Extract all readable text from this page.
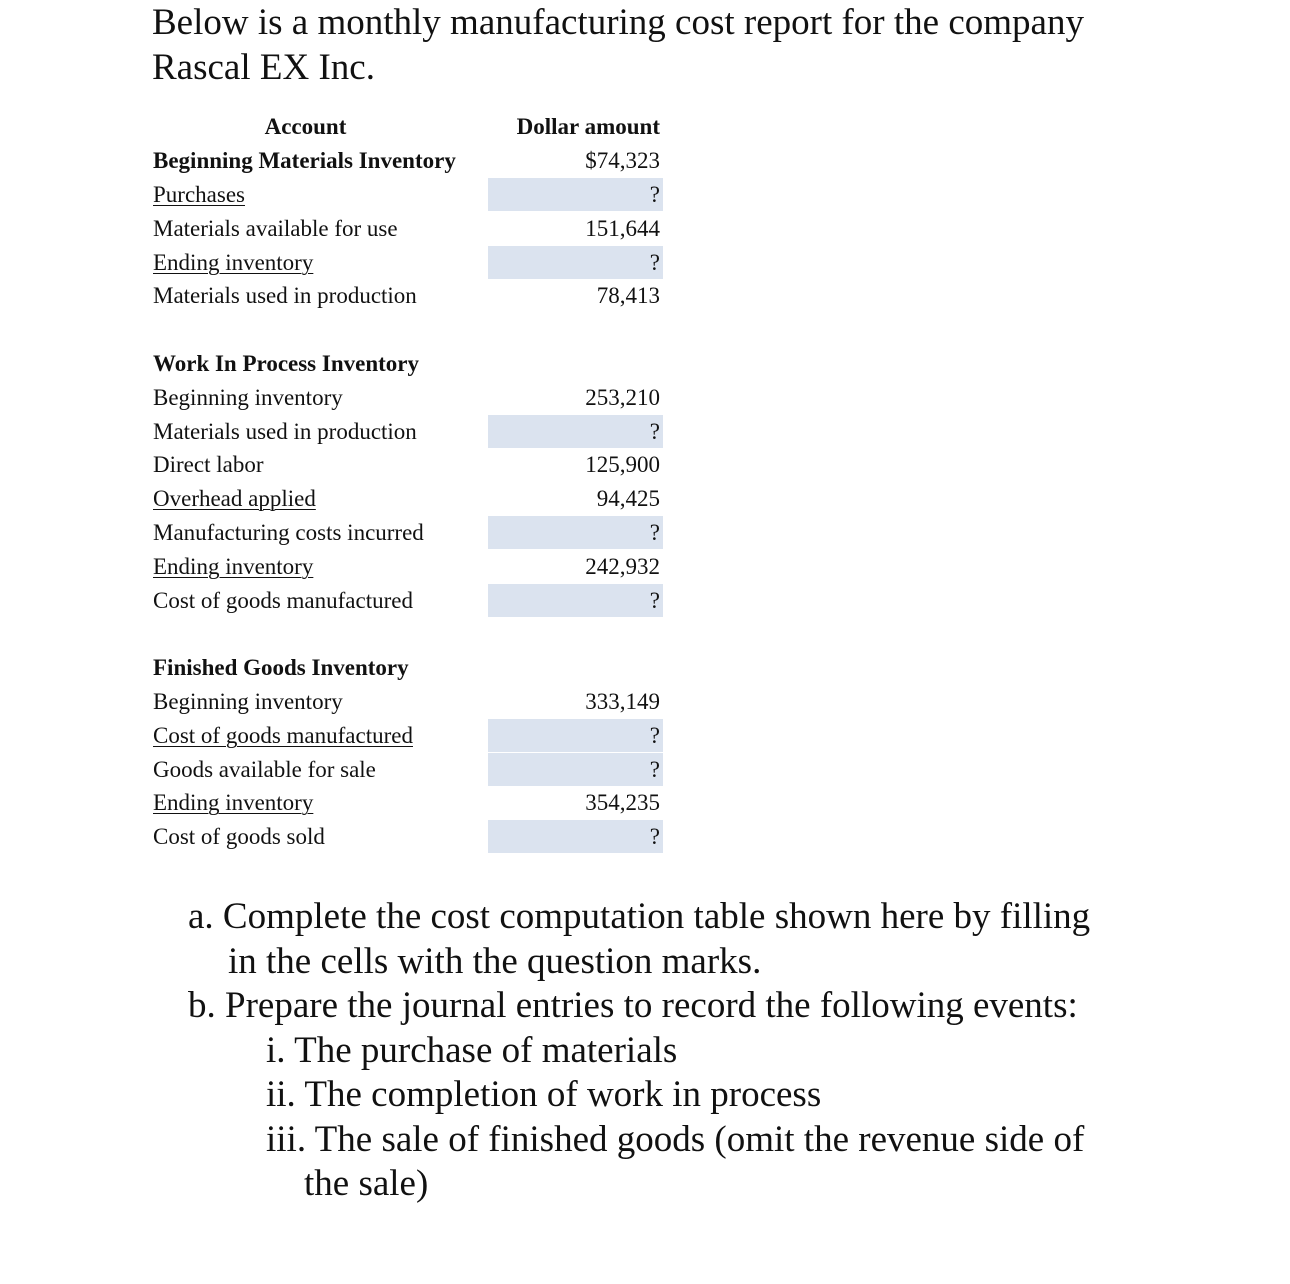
Below is a monthly manufacturing cost report for the company
Rascal EX Inc.
Account	Dollar amount
Beginning Materials Inventory	$74,323
Purchases	?
Materials available for use	151,644
Ending inventory	?
Materials used in production	78,413
Work In Process Inventory
Beginning inventory	253,210
Materials used in production	?
Direct labor	125,900
Overhead applied	94,425
Manufacturing costs incurred	?
Ending inventory	242,932
Cost of goods manufactured	?
Finished Goods Inventory
Beginning inventory	333,149
Cost of goods manufactured	?
Goods available for sale	?
Ending inventory	354,235
Cost of goods sold	?
a. Complete the cost computation table shown here by filling
in the cells with the question marks.
b. Prepare the journal entries to record the following events:
i. The purchase of materials
ii. The completion of work in process
iii. The sale of finished goods (omit the revenue side of
the sale)
